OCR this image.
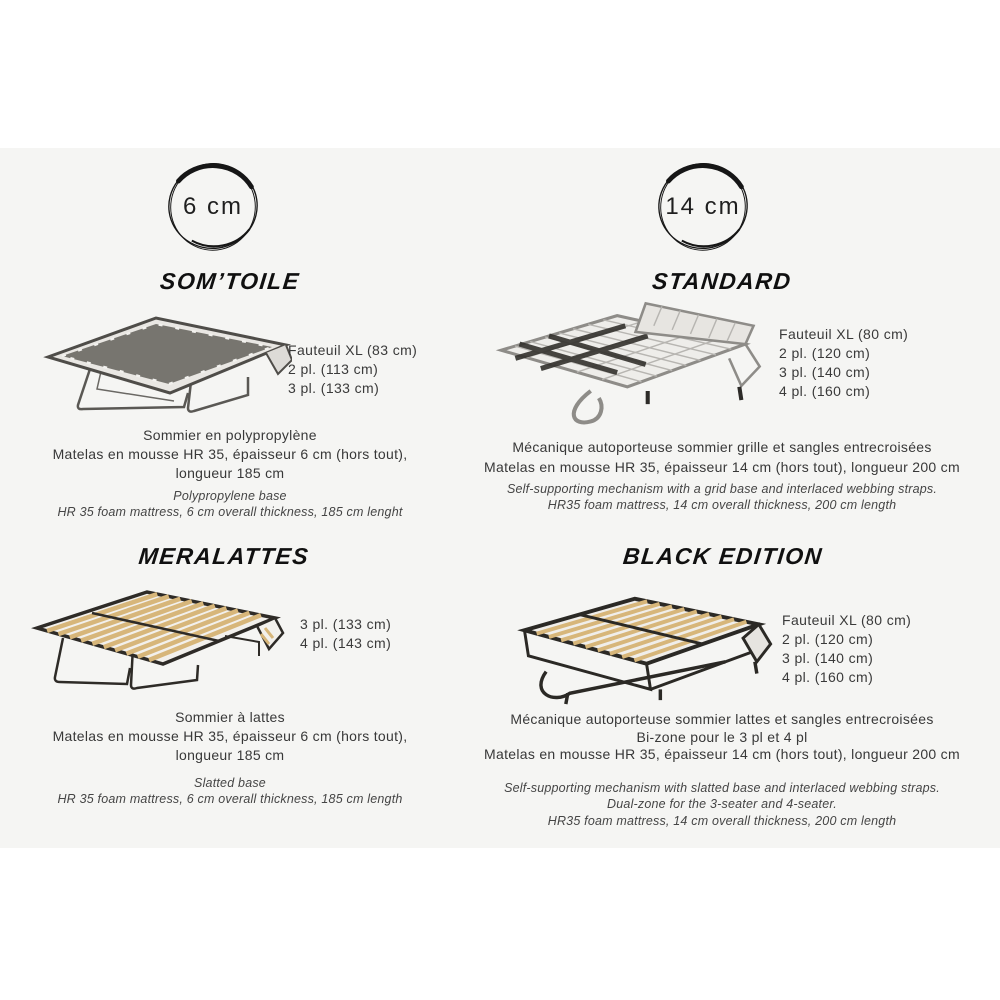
6 cm
SOM’TOILE
Fauteuil XL (83 cm)
2 pl. (113 cm)
3 pl. (133 cm)
Sommier en polypropylène
Matelas en mousse HR 35, épaisseur 6 cm (hors tout),
longueur 185 cm
Polypropylene base
HR 35 foam mattress, 6 cm overall thickness, 185 cm lenght
14 cm
STANDARD
Fauteuil XL (80 cm)
2 pl. (120 cm)
3 pl. (140 cm)
4 pl. (160 cm)
Mécanique autoporteuse sommier grille et sangles entrecroisées
Matelas en mousse HR 35, épaisseur 14 cm (hors tout), longueur 200 cm
Self-supporting mechanism with a grid base and interlaced webbing straps.
HR35 foam mattress, 14 cm overall thickness, 200 cm length
MERALATTES
3 pl. (133 cm)
4 pl. (143 cm)
Sommier à lattes
Matelas en mousse HR 35, épaisseur 6 cm (hors tout),
longueur 185 cm
Slatted base
HR 35 foam mattress, 6 cm overall thickness, 185 cm length
BLACK EDITION
Fauteuil XL (80 cm)
2 pl. (120 cm)
3 pl. (140 cm)
4 pl. (160 cm)
Mécanique autoporteuse sommier lattes et sangles entrecroisées
Bi-zone pour le 3 pl et 4 pl
Matelas en mousse HR 35, épaisseur 14 cm (hors tout), longueur 200 cm
Self-supporting mechanism with slatted base and interlaced webbing straps.
Dual-zone for the 3-seater and 4-seater.
HR35 foam mattress, 14 cm overall thickness, 200 cm length
